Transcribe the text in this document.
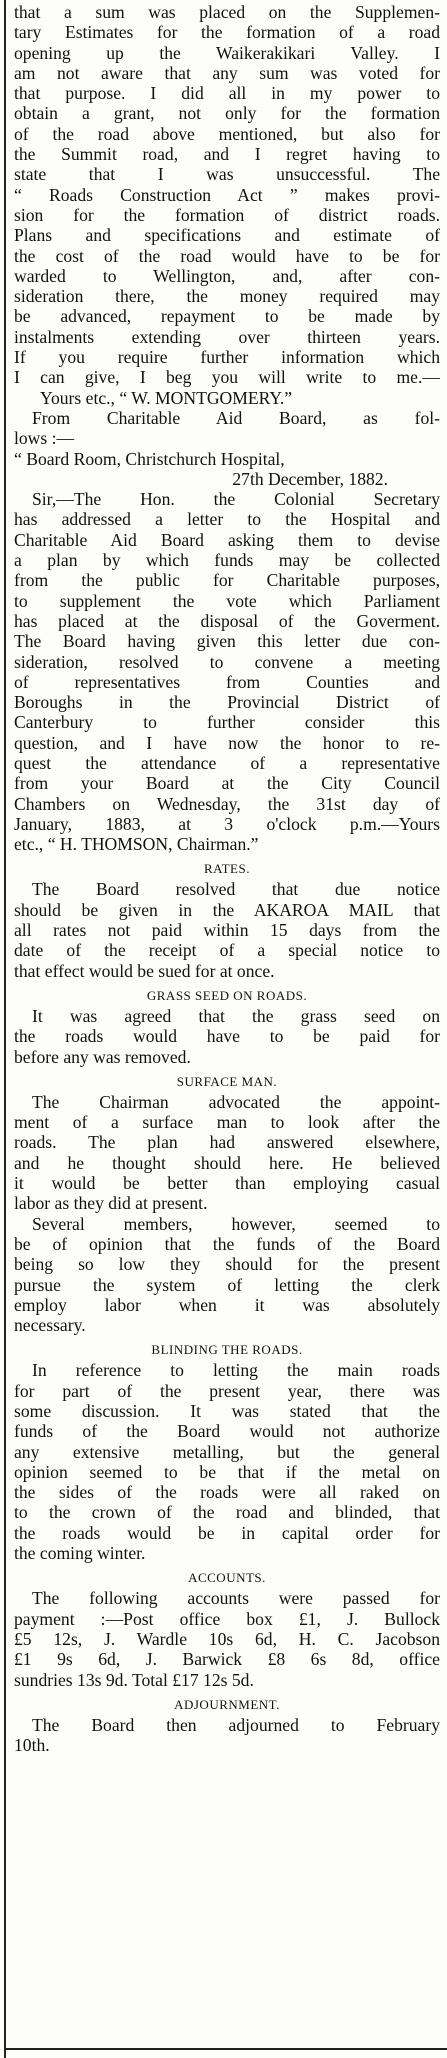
that a sum was placed on the Supplemen-
tary Estimates for the formation of a road
opening up the Waikerakikari Valley. I
am not aware that any sum was voted for
that purpose. I did all in my power to
obtain a grant, not only for the formation
of the road above mentioned, but also for
the Summit road, and I regret having to
state that I was unsuccessful. The
“ Roads Construction Act ” makes provi-
sion for the formation of district roads.
Plans and specifications and estimate of
the cost of the road would have to be for
warded to Wellington, and, after con-
sideration there, the money required may
be advanced, repayment to be made by
instalments extending over thirteen years.
If you require further information which
I can give, I beg you will write to me.—
Yours etc., “ W. MONTGOMERY.”
From Charitable Aid Board, as fol-
lows :—
“ Board Room, Christchurch Hospital,
27th December, 1882.
Sir,—The Hon. the Colonial Secretary
has addressed a letter to the Hospital and
Charitable Aid Board asking them to devise
a plan by which funds may be collected
from the public for Charitable purposes,
to supplement the vote which Parliament
has placed at the disposal of the Goverment.
The Board having given this letter due con-
sideration, resolved to convene a meeting
of representatives from Counties and
Boroughs in the Provincial District of
Canterbury to further consider this
question, and I have now the honor to re-
quest the attendance of a representative
from your Board at the City Council
Chambers on Wednesday, the 31st day of
January, 1883, at 3 o'clock p.m.—Yours
etc., “ H. THOMSON, Chairman.”
RATES.
The Board resolved that due notice
should be given in the AKAROA MAIL that
all rates not paid within 15 days from the
date of the receipt of a special notice to
that effect would be sued for at once.
GRASS SEED ON ROADS.
It was agreed that the grass seed on
the roads would have to be paid for
before any was removed.
SURFACE MAN.
The Chairman advocated the appoint-
ment of a surface man to look after the
roads. The plan had answered elsewhere,
and he thought should here. He believed
it would be better than employing casual
labor as they did at present.
Several members, however, seemed to
be of opinion that the funds of the Board
being so low they should for the present
pursue the system of letting the clerk
employ labor when it was absolutely
necessary.
BLINDING THE ROADS.
In reference to letting the main roads
for part of the present year, there was
some discussion. It was stated that the
funds of the Board would not authorize
any extensive metalling, but the general
opinion seemed to be that if the metal on
the sides of the roads were all raked on
to the crown of the road and blinded, that
the roads would be in capital order for
the coming winter.
ACCOUNTS.
The following accounts were passed for
payment :—Post office box £1, J. Bullock
£5 12s, J. Wardle 10s 6d, H. C. Jacobson
£1 9s 6d, J. Barwick £8 6s 8d, office
sundries 13s 9d. Total £17 12s 5d.
ADJOURNMENT.
The Board then adjourned to February
10th.
